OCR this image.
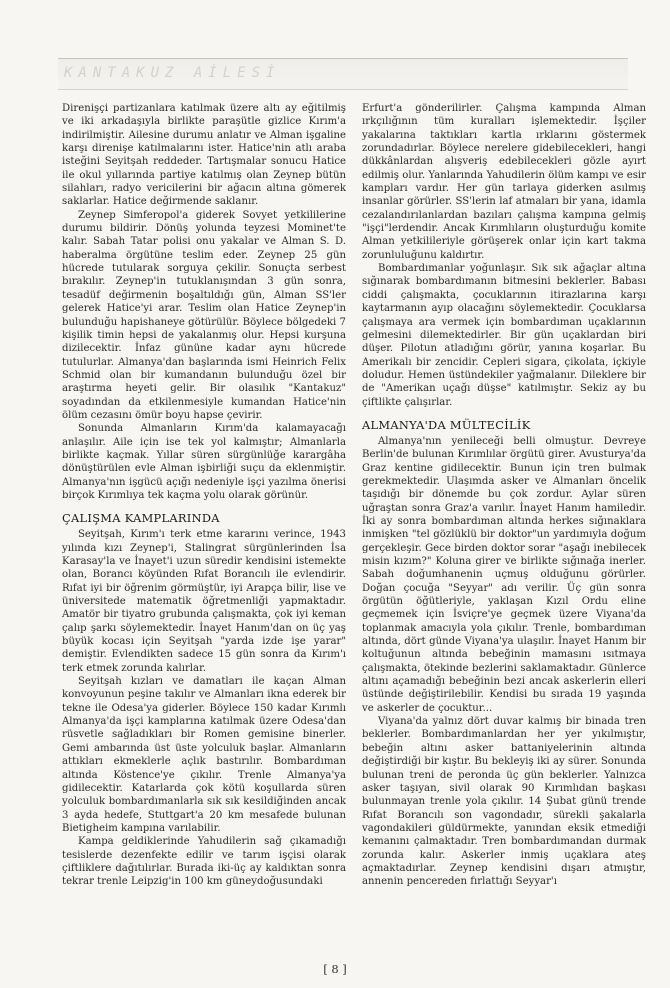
KANTAKUZ AİLESİ

Direnişçi partizanlara katılmak üzere altı ay eğitilmiş ve iki arkadaşıyla birlikte paraşütle gizlice Kırım'a indirilmiştir. Ailesine durumu anlatır ve Alman işgaline karşı direnişe katılmalarını ister. Hatice'nin atlı araba isteğini Seyitşah reddeder. Tartışmalar sonucu Hatice ile okul yıllarında partiye katılmış olan Zeynep bütün silahları, radyo vericilerini bir ağacın altına gömerek saklarlar. Hatice değirmende saklanır.

Zeynep Simferopol'a giderek Sovyet yetkililerine durumu bildirir. Dönüş yolunda teyzesi Mominet'te kalır. Sabah Tatar polisi onu yakalar ve Alman S. D. haberalma örgütüne teslim eder. Zeynep 25 gün hücrede tutularak sorguya çekilir. Sonuçta serbest bırakılır. Zeynep'in tutuklanışından 3 gün sonra, tesadüf değirmenin boşaltıldığı gün, Alman SS'ler gelerek Hatice'yi arar. Teslim olan Hatice Zeynep'in bulunduğu hapishaneye götürülür. Böylece bölgedeki 7 kişilik timin hepsi de yakalanmış olur. Hepsi kurşuna dizilecektir. İnfaz gününe kadar aynı hücrede tutulurlar. Almanya'dan başlarında ismi Heinrich Felix Schmid olan bir kumandanın bulunduğu özel bir araştırma heyeti gelir. Bir olasılık "Kantakuz" soyadından da etkilenmesiyle kumandan Hatice'nin ölüm cezasını ömür boyu hapse çevirir.

Sonunda Almanların Kırım'da kalamayacağı anlaşılır. Aile için ise tek yol kalmıştır; Almanlarla birlikte kaçmak. Yıllar süren sürgünlüğe karargâha dönüştürülen evle Alman işbirliği suçu da eklenmiştir. Almanya'nın işgücü açığı nedeniyle işçi yazılma önerisi birçok Kırımlıya tek kaçma yolu olarak görünür.

ÇALIŞMA KAMPLARINDA

Seyitşah, Kırım'ı terk etme kararını verince, 1943 yılında kızı Zeynep'i, Stalingrat sürgünlerinden İsa Karasay'la ve İnayet'i uzun süredir kendisini istemekte olan, Borancı köyünden Rıfat Borancılı ile evlendirir. Rıfat iyi bir öğrenim görmüştür, iyi Arapça bilir, lise ve üniversitede matematik öğretmenliği yapmaktadır. Amatör bir tiyatro grubunda çalışmakta, çok iyi keman çalıp şarkı söylemektedir. İnayet Hanım'dan on üç yaş büyük kocası için Seyitşah "yarda izde işe yarar" demiştir. Evlendikten sadece 15 gün sonra da Kırım'ı terk etmek zorunda kalırlar.

Seyitşah kızları ve damatları ile kaçan Alman konvoyunun peşine takılır ve Almanları ikna ederek bir tekne ile Odesa'ya giderler. Böylece 150 kadar Kırımlı Almanya'da işçi kamplarına katılmak üzere Odesa'dan rüsvetle sağladıkları bir Romen gemisine binerler. Gemi ambarında üst üste yolculuk başlar. Almanların attıkları ekmeklerle açlık bastırılır. Bombardıman altında Köstence'ye çıkılır. Trenle Almanya'ya gidilecektir. Katarlarda çok kötü koşullarda süren yolculuk bombardımanlarla sık sık kesildiğinden ancak 3 ayda hedefe, Stuttgart'a 20 km mesafede bulunan Bietigheim kampına varılabilir.

Kampa geldiklerinde Yahudilerin sağ çıkamadığı tesislerde dezenfekte edilir ve tarım işçisi olarak çiftliklere dağıtılırlar. Burada iki-üç ay kaldıktan sonra tekrar trenle Leipzig'in 100 km güneydoğusundaki

Erfurt'a gönderilirler. Çalışma kampında Alman ırkçılığının tüm kuralları işlemektedir. İşçiler yakalarına taktıkları kartla ırklarını göstermek zorundadırlar. Böylece nerelere gidebilecekleri, hangi dükkânlardan alışveriş edebilecekleri gözle ayırt edilmiş olur. Yanlarında Yahudilerin ölüm kampı ve esir kampları vardır. Her gün tarlaya giderken asılmış insanlar görürler. SS'lerin laf atmaları bir yana, idamla cezalandırılanlardan bazıları çalışma kampına gelmiş "işçi"lerdendir. Ancak Kırımlıların oluşturduğu komite Alman yetkilileriyle görüşerek onlar için kart takma zorunluluğunu kaldırtır.

Bombardımanlar yoğunlaşır. Sık sık ağaçlar altına sığınarak bombardımanın bitmesini beklerler. Babası ciddi çalışmakta, çocuklarının itirazlarına karşı kaytarmanın ayıp olacağını söylemektedir. Çocuklarsa çalışmaya ara vermek için bombardıman uçaklarının gelmesini dilemektedirler. Bir gün uçaklardan biri düşer. Pilotun atladığını görür, yanına koşarlar. Bu Amerikalı bir zencidir. Cepleri sigara, çikolata, içkiyle doludur. Hemen üstündekiler yağmalanır. Dileklere bir de "Amerikan uçağı düşse" katılmıştır. Sekiz ay bu çiftlikte çalışırlar.

ALMANYA'DA MÜLTECİLİK

Almanya'nın yenileceği belli olmuştur. Devreye Berlin'de bulunan Kırımlılar örgütü girer. Avusturya'da Graz kentine gidilecektir. Bunun için tren bulmak gerekmektedir. Ulaşımda asker ve Almanları öncelik taşıdığı bir dönemde bu çok zordur. Aylar süren uğraştan sonra Graz'a varılır. İnayet Hanım hamiledir. İki ay sonra bombardıman altında herkes sığınaklara inmişken "tel gözlüklü bir doktor"un yardımıyla doğum gerçekleşir. Gece birden doktor sorar "aşağı inebilecek misin kızım?" Koluna girer ve birlikte sığınağa inerler. Sabah doğumhanenin uçmuş olduğunu görürler. Doğan çocuğa "Seyyar" adı verilir. Üç gün sonra örgütün öğütleriyle, yaklaşan Kızıl Ordu eline geçmemek için İsviçre'ye geçmek üzere Viyana'da toplanmak amacıyla yola çıkılır. Trenle, bombardıman altında, dört günde Viyana'ya ulaşılır. İnayet Hanım bir koltuğunun altında bebeğinin mamasını ısıtmaya çalışmakta, ötekinde bezlerini saklamaktadır. Günlerce altını açamadığı bebeğinin bezi ancak askerlerin elleri üstünde değiştirilebilir. Kendisi bu sırada 19 yaşında ve askerler de çocuktur...

Viyana'da yalnız dört duvar kalmış bir binada tren beklerler. Bombardımanlardan her yer yıkılmıştır, bebeğin altını asker battaniyelerinin altında değiştirdiği bir kıştır. Bu bekleyiş iki ay sürer. Sonunda bulunan treni de peronda üç gün beklerler. Yalnızca asker taşıyan, sivil olarak 90 Kırımlıdan başkası bulunmayan trenle yola çıkılır. 14 Şubat günü trende Rıfat Borancılı son vagondadır, sürekli şakalarla vagondakileri güldürmekte, yanından eksik etmediği kemanını çalmaktadır. Tren bombardımandan durmak zorunda kalır. Askerler inmiş uçaklara ateş açmaktadırlar. Zeynep kendisini dışarı atmıştır, annenin pencereden fırlattığı Seyyar'ı

[ 8 ]
